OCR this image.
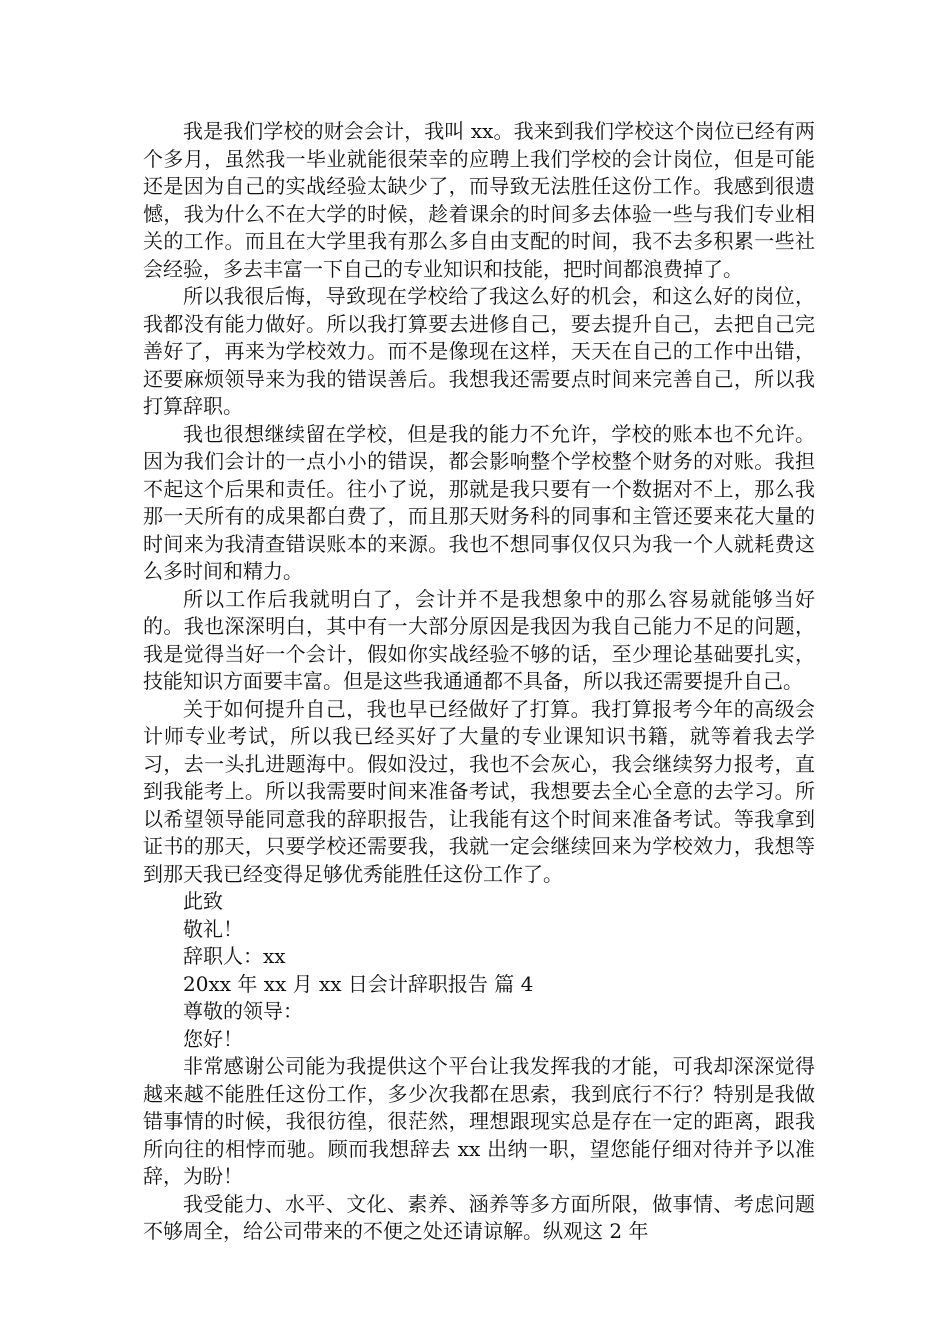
我是我们学校的财会会计，我叫 xx。我来到我们学校这个岗位已经有两个多月，虽然我一毕业就能很荣幸的应聘上我们学校的会计岗位，但是可能还是因为自己的实战经验太缺少了，而导致无法胜任这份工作。我感到很遗憾，我为什么不在大学的时候，趁着课余的时间多去体验一些与我们专业相关的工作。而且在大学里我有那么多自由支配的时间，我不去多积累一些社会经验，多去丰富一下自己的专业知识和技能，把时间都浪费掉了。

所以我很后悔，导致现在学校给了我这么好的机会，和这么好的岗位，我都没有能力做好。所以我打算要去进修自己，要去提升自己，去把自己完善好了，再来为学校效力。而不是像现在这样，天天在自己的工作中出错，还要麻烦领导来为我的错误善后。我想我还需要点时间来完善自己，所以我打算辞职。

我也很想继续留在学校，但是我的能力不允许，学校的账本也不允许。因为我们会计的一点小小的错误，都会影响整个学校整个财务的对账。我担不起这个后果和责任。往小了说，那就是我只要有一个数据对不上，那么我那一天所有的成果都白费了，而且那天财务科的同事和主管还要来花大量的时间来为我清查错误账本的来源。我也不想同事仅仅只为我一个人就耗费这么多时间和精力。

所以工作后我就明白了，会计并不是我想象中的那么容易就能够当好的。我也深深明白，其中有一大部分原因是我因为我自己能力不足的问题，我是觉得当好一个会计，假如你实战经验不够的话，至少理论基础要扎实，技能知识方面要丰富。但是这些我通通都不具备，所以我还需要提升自己。

关于如何提升自己，我也早已经做好了打算。我打算报考今年的高级会计师专业考试，所以我已经买好了大量的专业课知识书籍，就等着我去学习，去一头扎进题海中。假如没过，我也不会灰心，我会继续努力报考，直到我能考上。所以我需要时间来准备考试，我想要去全心全意的去学习。所以希望领导能同意我的辞职报告，让我能有这个时间来准备考试。等我拿到证书的那天，只要学校还需要我，我就一定会继续回来为学校效力，我想等到那天我已经变得足够优秀能胜任这份工作了。

此致

敬礼！

辞职人：xx

20xx 年 xx 月 xx 日会计辞职报告 篇 4

尊敬的领导：

您好！

非常感谢公司能为我提供这个平台让我发挥我的才能，可我却深深觉得越来越不能胜任这份工作，多少次我都在思索，我到底行不行？特别是我做错事情的时候，我很彷徨，很茫然，理想跟现实总是存在一定的距离，跟我所向往的相悖而驰。顾而我想辞去 xx 出纳一职，望您能仔细对待并予以准辞，为盼！

我受能力、水平、文化、素养、涵养等多方面所限，做事情、考虑问题不够周全，给公司带来的不便之处还请谅解。纵观这 2 年
